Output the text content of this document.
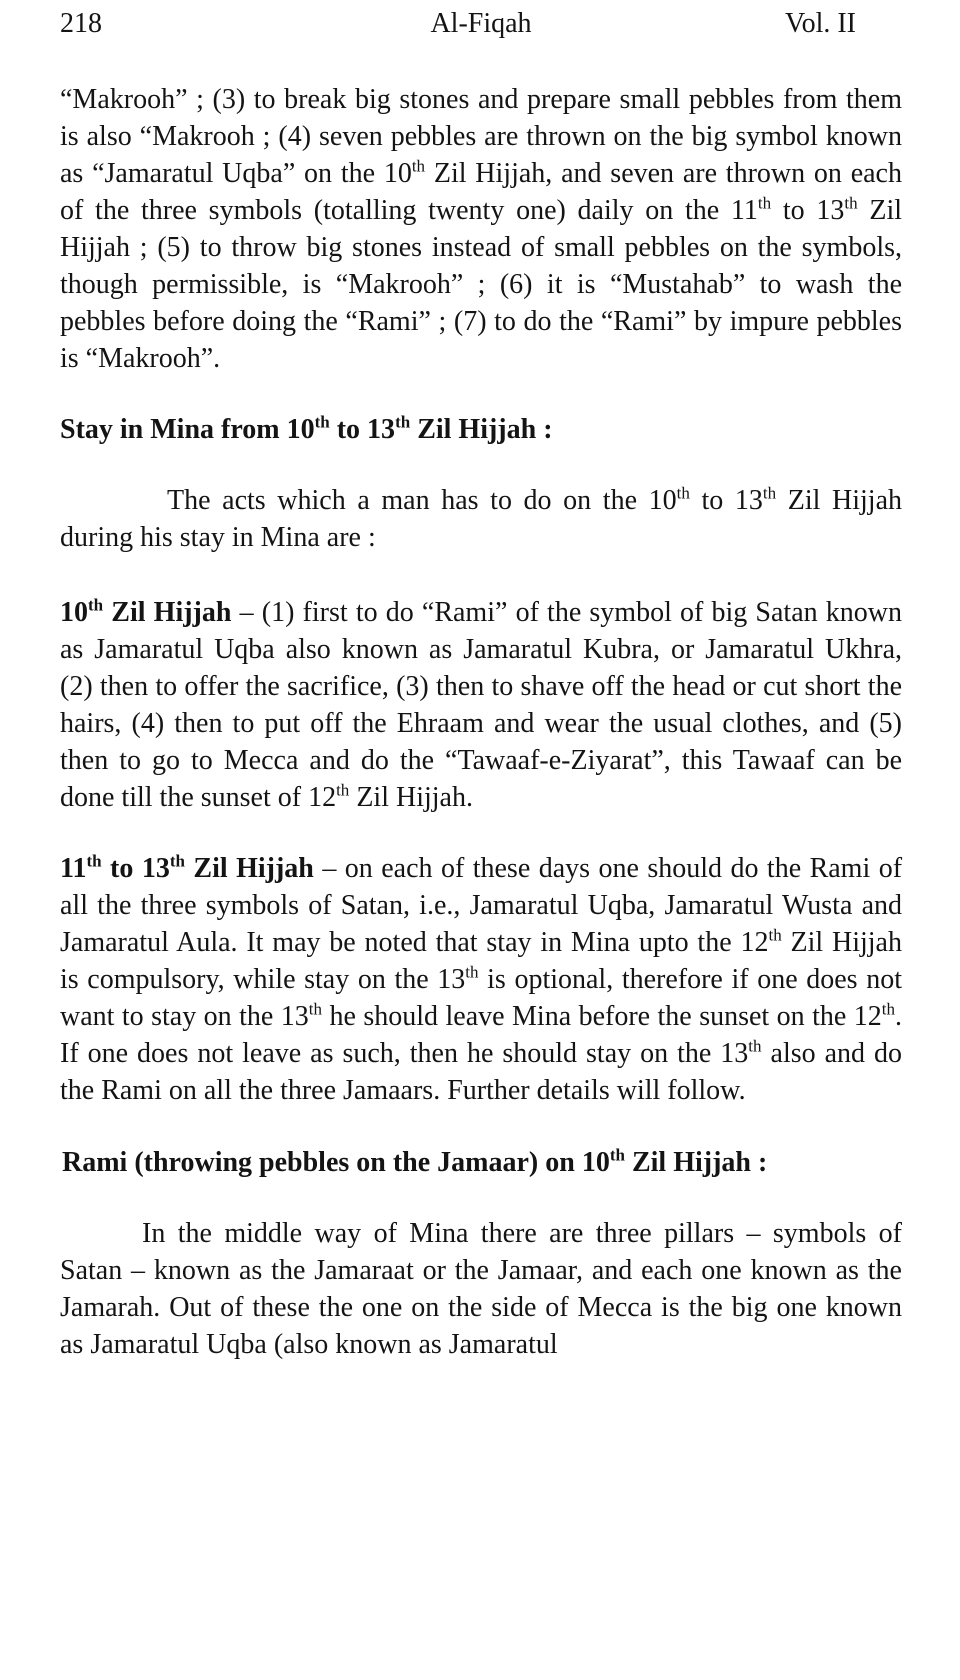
218	Al-Fiqah	Vol. II

“Makrooh” ; (3) to break big stones and prepare small pebbles from them is also “Makrooh ; (4) seven pebbles are thrown on the big symbol known as “Jamaratul Uqba” on the 10th Zil Hijjah, and seven are thrown on each of the three symbols (totalling twenty one) daily on the 11th to 13th Zil Hijjah ; (5) to throw big stones instead of small pebbles on the symbols, though permissible, is “Makrooh” ; (6) it is “Mustahab” to wash the pebbles before doing the “Rami” ; (7) to do the “Rami” by impure pebbles is “Makrooh”.

Stay in Mina from 10th to 13th Zil Hijjah :

The acts which a man has to do on the 10th to 13th Zil Hijjah during his stay in Mina are :

10th Zil Hijjah – (1) first to do “Rami” of the symbol of big Satan known as Jamaratul Uqba also known as Jamaratul Kubra, or Jamaratul Ukhra, (2) then to offer the sacrifice, (3) then to shave off the head or cut short the hairs, (4) then to put off the Ehraam and wear the usual clothes, and (5) then to go to Mecca and do the “Tawaaf-e-Ziyarat”, this Tawaaf can be done till the sunset of 12th Zil Hijjah.

11th to 13th Zil Hijjah – on each of these days one should do the Rami of all the three symbols of Satan, i.e., Jamaratul Uqba, Jamaratul Wusta and Jamaratul Aula. It may be noted that stay in Mina upto the 12th Zil Hijjah is compulsory, while stay on the 13th is optional, therefore if one does not want to stay on the 13th he should leave Mina before the sunset on the 12th. If one does not leave as such, then he should stay on the 13th also and do the Rami on all the three Jamaars. Further details will follow.

Rami (throwing pebbles on the Jamaar) on 10th Zil Hijjah :

In the middle way of Mina there are three pillars – symbols of Satan – known as the Jamaraat or the Jamaar, and each one known as the Jamarah. Out of these the one on the side of Mecca is the big one known as Jamaratul Uqba (also known as Jamaratul
